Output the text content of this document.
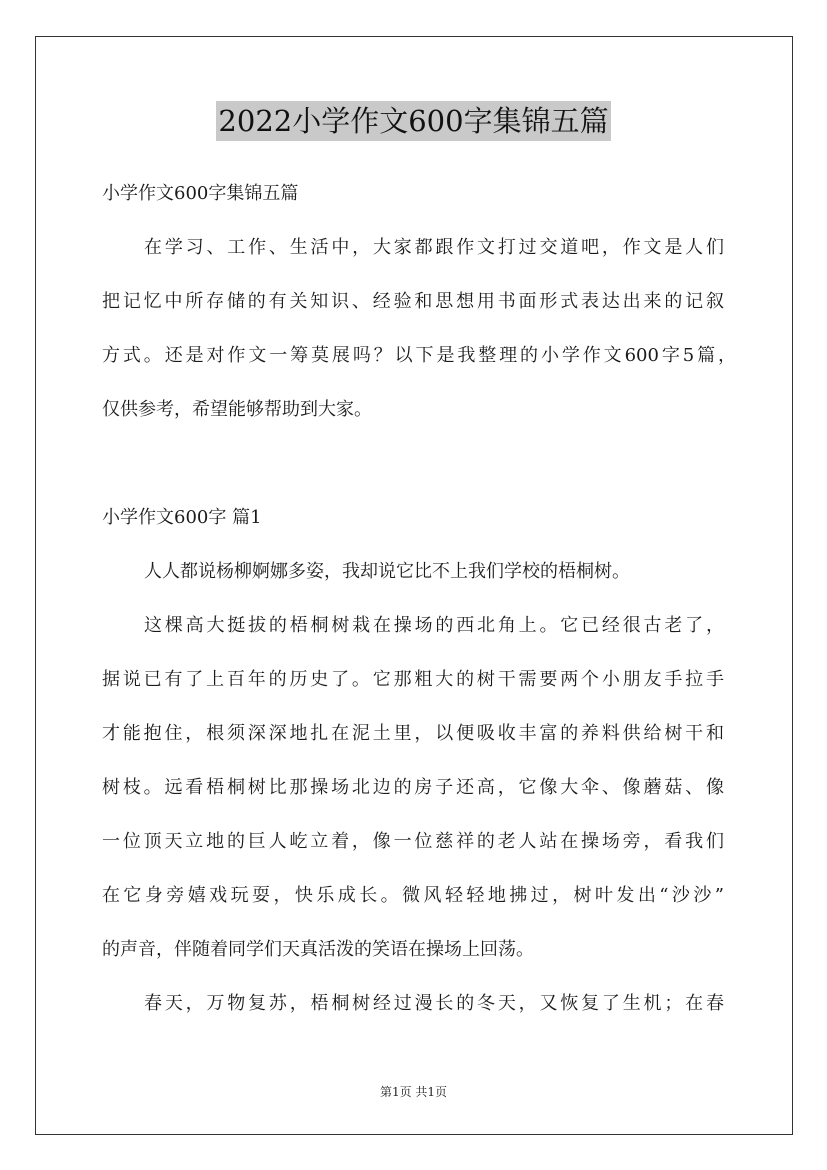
2022小学作文600字集锦五篇
小学作文600字集锦五篇
在学习、工作、生活中，大家都跟作文打过交道吧，作文是人们
把记忆中所存储的有关知识、经验和思想用书面形式表达出来的记叙
方式。还是对作文一筹莫展吗？以下是我整理的小学作文600字5篇，
仅供参考，希望能够帮助到大家。
小学作文600字 篇1
人人都说杨柳婀娜多姿，我却说它比不上我们学校的梧桐树。
这棵高大挺拔的梧桐树栽在操场的西北角上。它已经很古老了，
据说已有了上百年的历史了。它那粗大的树干需要两个小朋友手拉手
才能抱住，根须深深地扎在泥土里，以便吸收丰富的养料供给树干和
树枝。远看梧桐树比那操场北边的房子还高，它像大伞、像蘑菇、像
一位顶天立地的巨人屹立着，像一位慈祥的老人站在操场旁，看我们
在它身旁嬉戏玩耍，快乐成长。微风轻轻地拂过，树叶发出“沙沙”
的声音，伴随着同学们天真活泼的笑语在操场上回荡。
春天，万物复苏，梧桐树经过漫长的冬天，又恢复了生机；在春
第1页 共1页
